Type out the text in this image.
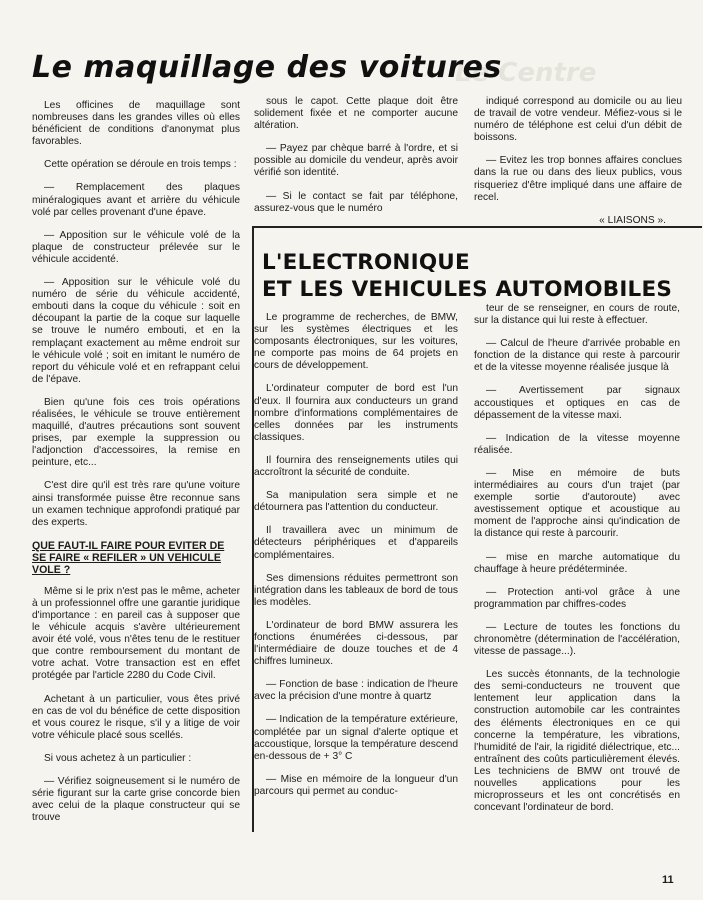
Le Centre
Le maquillage des voitures

Les officines de maquillage sont nombreuses dans les grandes villes où elles bénéficient de conditions d'anonymat plus favorables.

Cette opération se déroule en trois temps :

— Remplacement des plaques minéralogiques avant et arrière du véhicule volé par celles provenant d'une épave.

— Apposition sur le véhicule volé de la plaque de constructeur prélevée sur le véhicule accidenté.

— Apposition sur le véhicule volé du numéro de série du véhicule accidenté, embouti dans la coque du véhicule : soit en découpant la partie de la coque sur laquelle se trouve le numéro embouti, et en la remplaçant exactement au même endroit sur le véhicule volé ; soit en imitant le numéro de report du véhicule volé et en refrappant celui de l'épave.

Bien qu'une fois ces trois opérations réalisées, le véhicule se trouve entièrement maquillé, d'autres précautions sont souvent prises, par exemple la suppression ou l'adjonction d'accessoires, la remise en peinture, etc...

C'est dire qu'il est très rare qu'une voiture ainsi transformée puisse être reconnue sans un examen technique approfondi pratiqué par des experts.

QUE FAUT-IL FAIRE POUR EVITER DE SE FAIRE « REFILER » UN VEHICULE VOLE ?

Même si le prix n'est pas le même, acheter à un professionnel offre une garantie juridique d'importance : en pareil cas à supposer que le véhicule acquis s'avère ultérieurement avoir été volé, vous n'êtes tenu de le restituer que contre remboursement du montant de votre achat. Votre transaction est en effet protégée par l'article 2280 du Code Civil.

Achetant à un particulier, vous êtes privé en cas de vol du bénéfice de cette disposition et vous courez le risque, s'il y a litige de voir votre véhicule placé sous scellés.

Si vous achetez à un particulier :

— Vérifiez soigneusement si le numéro de série figurant sur la carte grise concorde bien avec celui de la plaque constructeur qui se trouve

sous le capot. Cette plaque doit être solidement fixée et ne comporter aucune altération.

— Payez par chèque barré à l'ordre, et si possible au domicile du vendeur, après avoir vérifié son identité.

— Si le contact se fait par téléphone, assurez-vous que le numéro

indiqué correspond au domicile ou au lieu de travail de votre vendeur. Méfiez-vous si le numéro de téléphone est celui d'un débit de boissons.

— Evitez les trop bonnes affaires conclues dans la rue ou dans des lieux publics, vous risqueriez d'être impliqué dans une affaire de recel.

« LIAISONS ».

L'ELECTRONIQUE
ET LES VEHICULES AUTOMOBILES

Le programme de recherches, de BMW, sur les systèmes électriques et les composants électroniques, sur les voitures, ne comporte pas moins de 64 projets en cours de développement.

L'ordinateur computer de bord est l'un d'eux. Il fournira aux conducteurs un grand nombre d'informations complémentaires de celles données par les instruments classiques.

Il fournira des renseignements utiles qui accroîtront la sécurité de conduite.

Sa manipulation sera simple et ne détournera pas l'attention du conducteur.

Il travaillera avec un minimum de détecteurs périphériques et d'appareils complémentaires.

Ses dimensions réduites permettront son intégration dans les tableaux de bord de tous les modèles.

L'ordinateur de bord BMW assurera les fonctions énumérées ci-dessous, par l'intermédiaire de douze touches et de 4 chiffres lumineux.

— Fonction de base : indication de l'heure avec la précision d'une montre à quartz

— Indication de la température extérieure, complétée par un signal d'alerte optique et accoustique, lorsque la température descend en-dessous de + 3° C

— Mise en mémoire de la longueur d'un parcours qui permet au conduc-

teur de se renseigner, en cours de route, sur la distance qui lui reste à effectuer.

— Calcul de l'heure d'arrivée probable en fonction de la distance qui reste à parcourir et de la vitesse moyenne réalisée jusque là

— Avertissement par signaux accoustiques et optiques en cas de dépassement de la vitesse maxi.

— Indication de la vitesse moyenne réalisée.

— Mise en mémoire de buts intermédiaires au cours d'un trajet (par exemple sortie d'autoroute) avec avestissement optique et acoustique au moment de l'approche ainsi qu'indication de la distance qui reste à parcourir.

— mise en marche automatique du chauffage à heure prédéterminée.

— Protection anti-vol grâce à une programmation par chiffres-codes

— Lecture de toutes les fonctions du chronomètre (détermination de l'accélération, vitesse de passage...).

Les succès étonnants, de la technologie des semi-conducteurs ne trouvent que lentement leur application dans la construction automobile car les contraintes des éléments électroniques en ce qui concerne la température, les vibrations, l'humidité de l'air, la rigidité diélectrique, etc... entraînent des coûts particulièrement élevés. Les techniciens de BMW ont trouvé de nouvelles applications pour les microprosseurs et les ont concrétisés en concevant l'ordinateur de bord.

11
